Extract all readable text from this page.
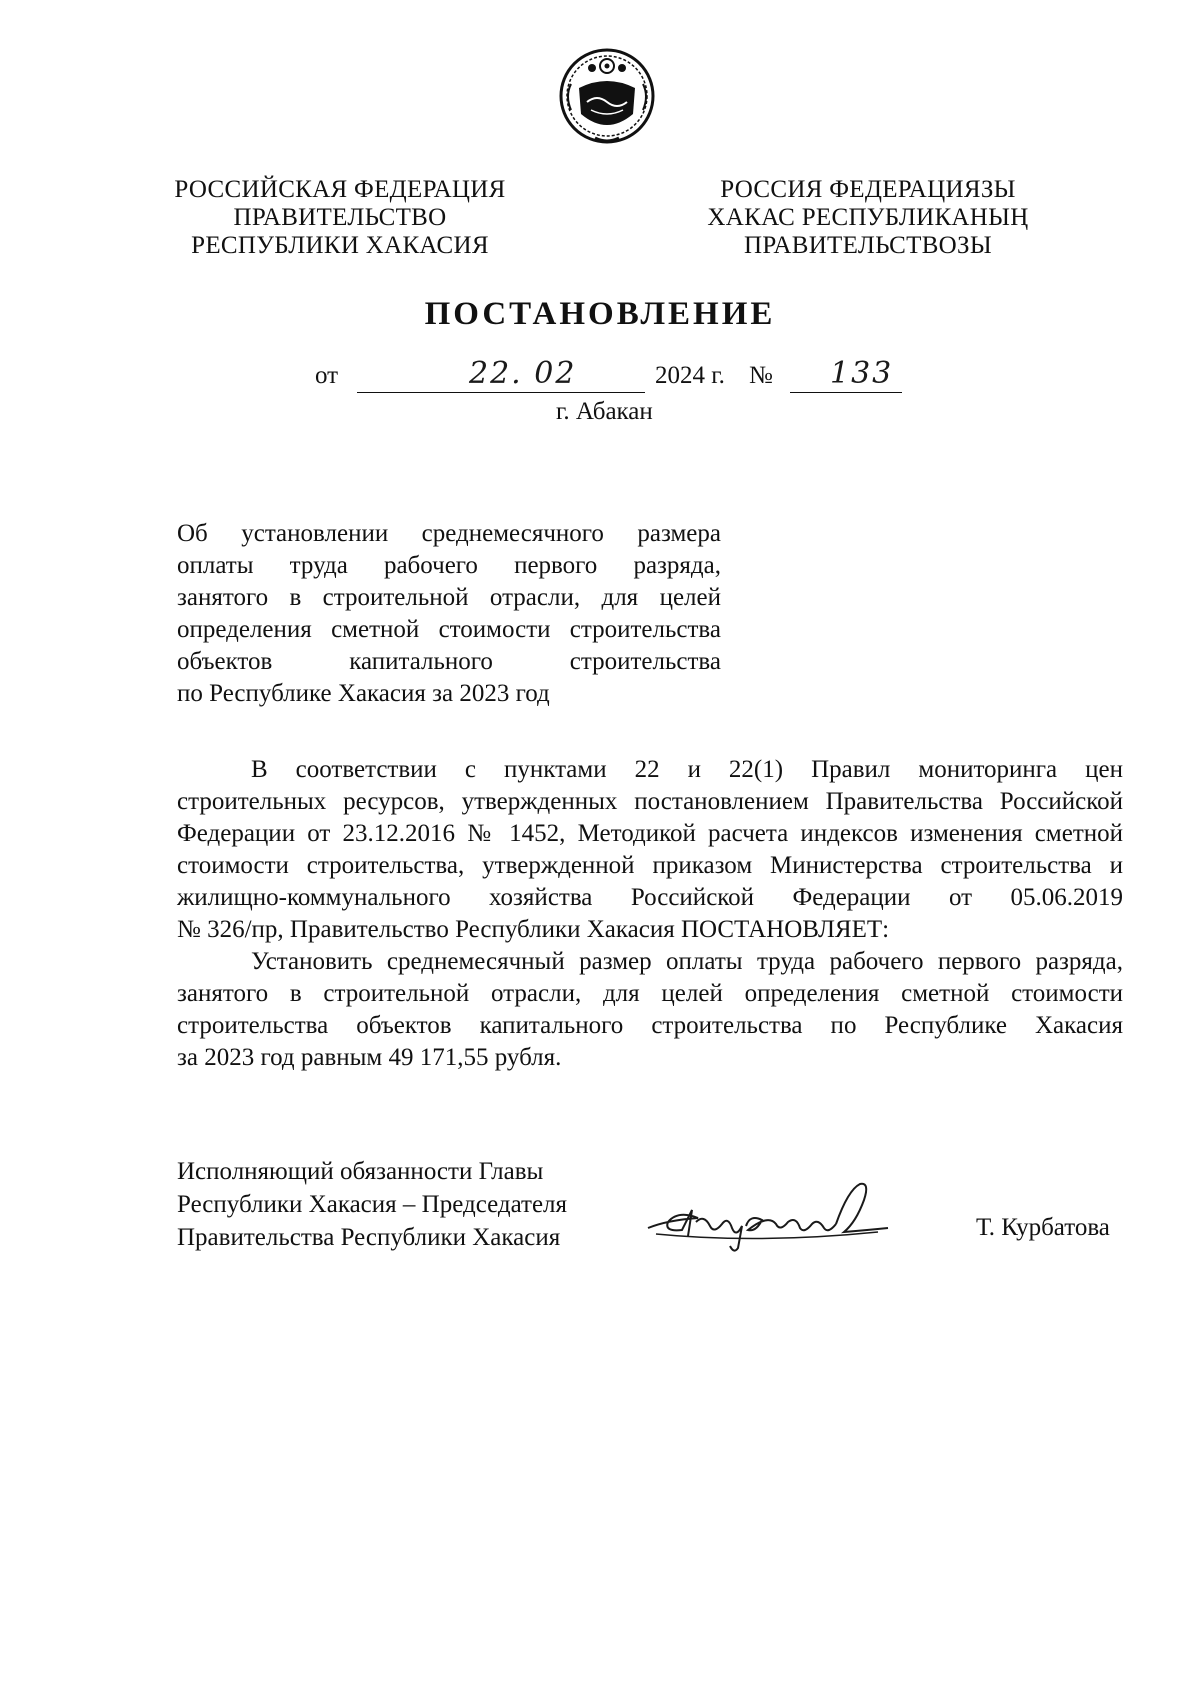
РОССИЙСКАЯ ФЕДЕРАЦИЯ
ПРАВИТЕЛЬСТВО
РЕСПУБЛИКИ ХАКАСИЯ
РОССИЯ ФЕДЕРАЦИЯЗЫ
ХАКАС РЕСПУБЛИКАНЫҢ
ПРАВИТЕЛЬСТВОЗЫ
ПОСТАНОВЛЕНИЕ
от	22. 02	2024 г. № 133
г. Абакан
Об установлении среднемесячного размера
оплаты труда рабочего первого разряда,
занятого в строительной отрасли, для целей
определения сметной стоимости строительства
объектов капитального строительства
по Республике Хакасия за 2023 год
В соответствии с пунктами 22 и 22(1) Правил мониторинга цен
строительных ресурсов, утвержденных постановлением Правительства Российской
Федерации от 23.12.2016 № 1452, Методикой расчета индексов изменения сметной
стоимости строительства, утвержденной приказом Министерства строительства и
жилищно-коммунального хозяйства Российской Федерации от 05.06.2019
№ 326/пр, Правительство Республики Хакасия ПОСТАНОВЛЯЕТ:
Установить среднемесячный размер оплаты труда рабочего первого разряда,
занятого в строительной отрасли, для целей определения сметной стоимости
строительства объектов капитального строительства по Республике Хакасия
за 2023 год равным 49 171,55 рубля.
Исполняющий обязанности Главы
Республики Хакасия – Председателя
Правительства Республики Хакасия	Т. Курбатова
